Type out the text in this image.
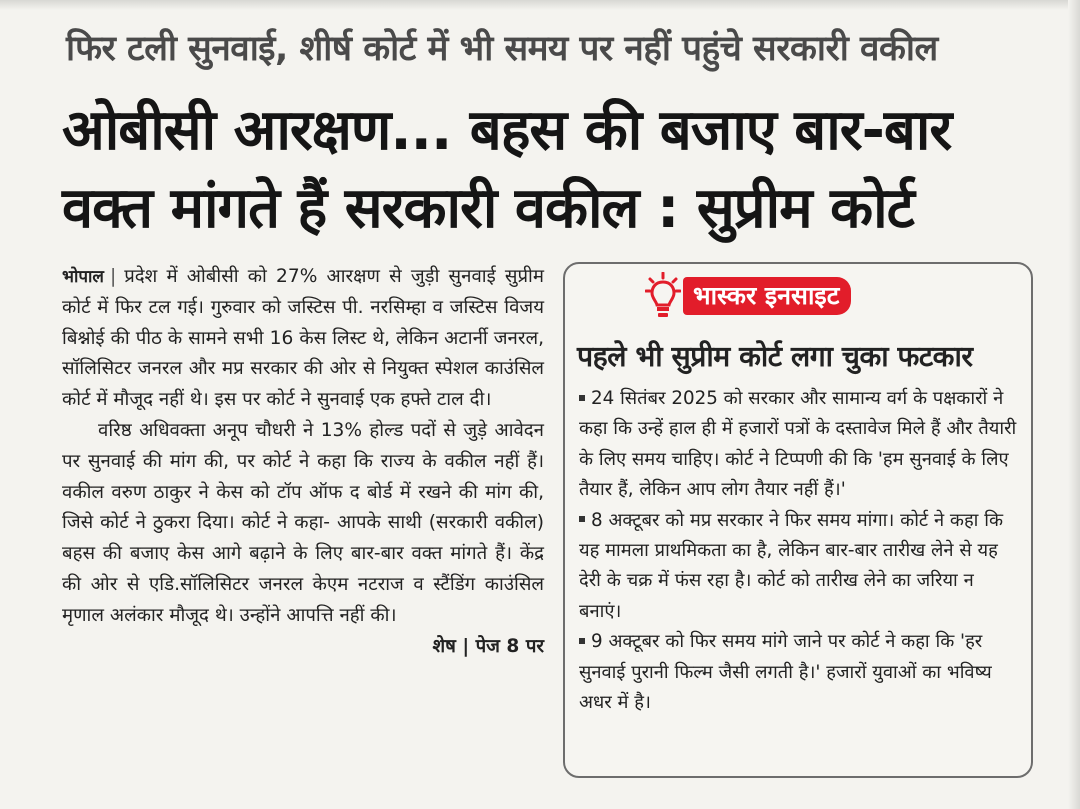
फिर टली सुनवाई, शीर्ष कोर्ट में भी समय पर नहीं पहुंचे सरकारी वकील
ओबीसी आरक्षण... बहस की बजाए बार-बार
वक्त मांगते हैं सरकारी वकील : सुप्रीम कोर्ट

भोपाल | प्रदेश में ओबीसी को 27% आरक्षण से जुड़ी सुनवाई सुप्रीम कोर्ट में फिर टल गई। गुरुवार को जस्टिस पी. नरसिम्हा व जस्टिस विजय बिश्नोई की पीठ के सामने सभी 16 केस लिस्ट थे, लेकिन अटार्नी जनरल, सॉलिसिटर जनरल और मप्र सरकार की ओर से नियुक्त स्पेशल काउंसिल कोर्ट में मौजूद नहीं थे। इस पर कोर्ट ने सुनवाई एक हफ्ते टाल दी।

वरिष्ठ अधिवक्ता अनूप चौधरी ने 13% होल्ड पदों से जुड़े आवेदन पर सुनवाई की मांग की, पर कोर्ट ने कहा कि राज्य के वकील नहीं हैं। वकील वरुण ठाकुर ने केस को टॉप ऑफ द बोर्ड में रखने की मांग की, जिसे कोर्ट ने ठुकरा दिया। कोर्ट ने कहा- आपके साथी (सरकारी वकील) बहस की बजाए केस आगे बढ़ाने के लिए बार-बार वक्त मांगते हैं। केंद्र की ओर से एडि.सॉलिसिटर जनरल केएम नटराज व स्टैंडिंग काउंसिल मृणाल अलंकार मौजूद थे। उन्होंने आपत्ति नहीं की।
शेष | पेज 8 पर

भास्कर इनसाइट
पहले भी सुप्रीम कोर्ट लगा चुका फटकार
24 सितंबर 2025 को सरकार और सामान्य वर्ग के पक्षकारों ने कहा कि उन्हें हाल ही में हजारों पत्रों के दस्तावेज मिले हैं और तैयारी के लिए समय चाहिए। कोर्ट ने टिप्पणी की कि 'हम सुनवाई के लिए तैयार हैं, लेकिन आप लोग तैयार नहीं हैं।'
8 अक्टूबर को मप्र सरकार ने फिर समय मांगा। कोर्ट ने कहा कि यह मामला प्राथमिकता का है, लेकिन बार-बार तारीख लेने से यह देरी के चक्र में फंस रहा है। कोर्ट को तारीख लेने का जरिया न बनाएं।
9 अक्टूबर को फिर समय मांगे जाने पर कोर्ट ने कहा कि 'हर सुनवाई पुरानी फिल्म जैसी लगती है।' हजारों युवाओं का भविष्य अधर में है।
